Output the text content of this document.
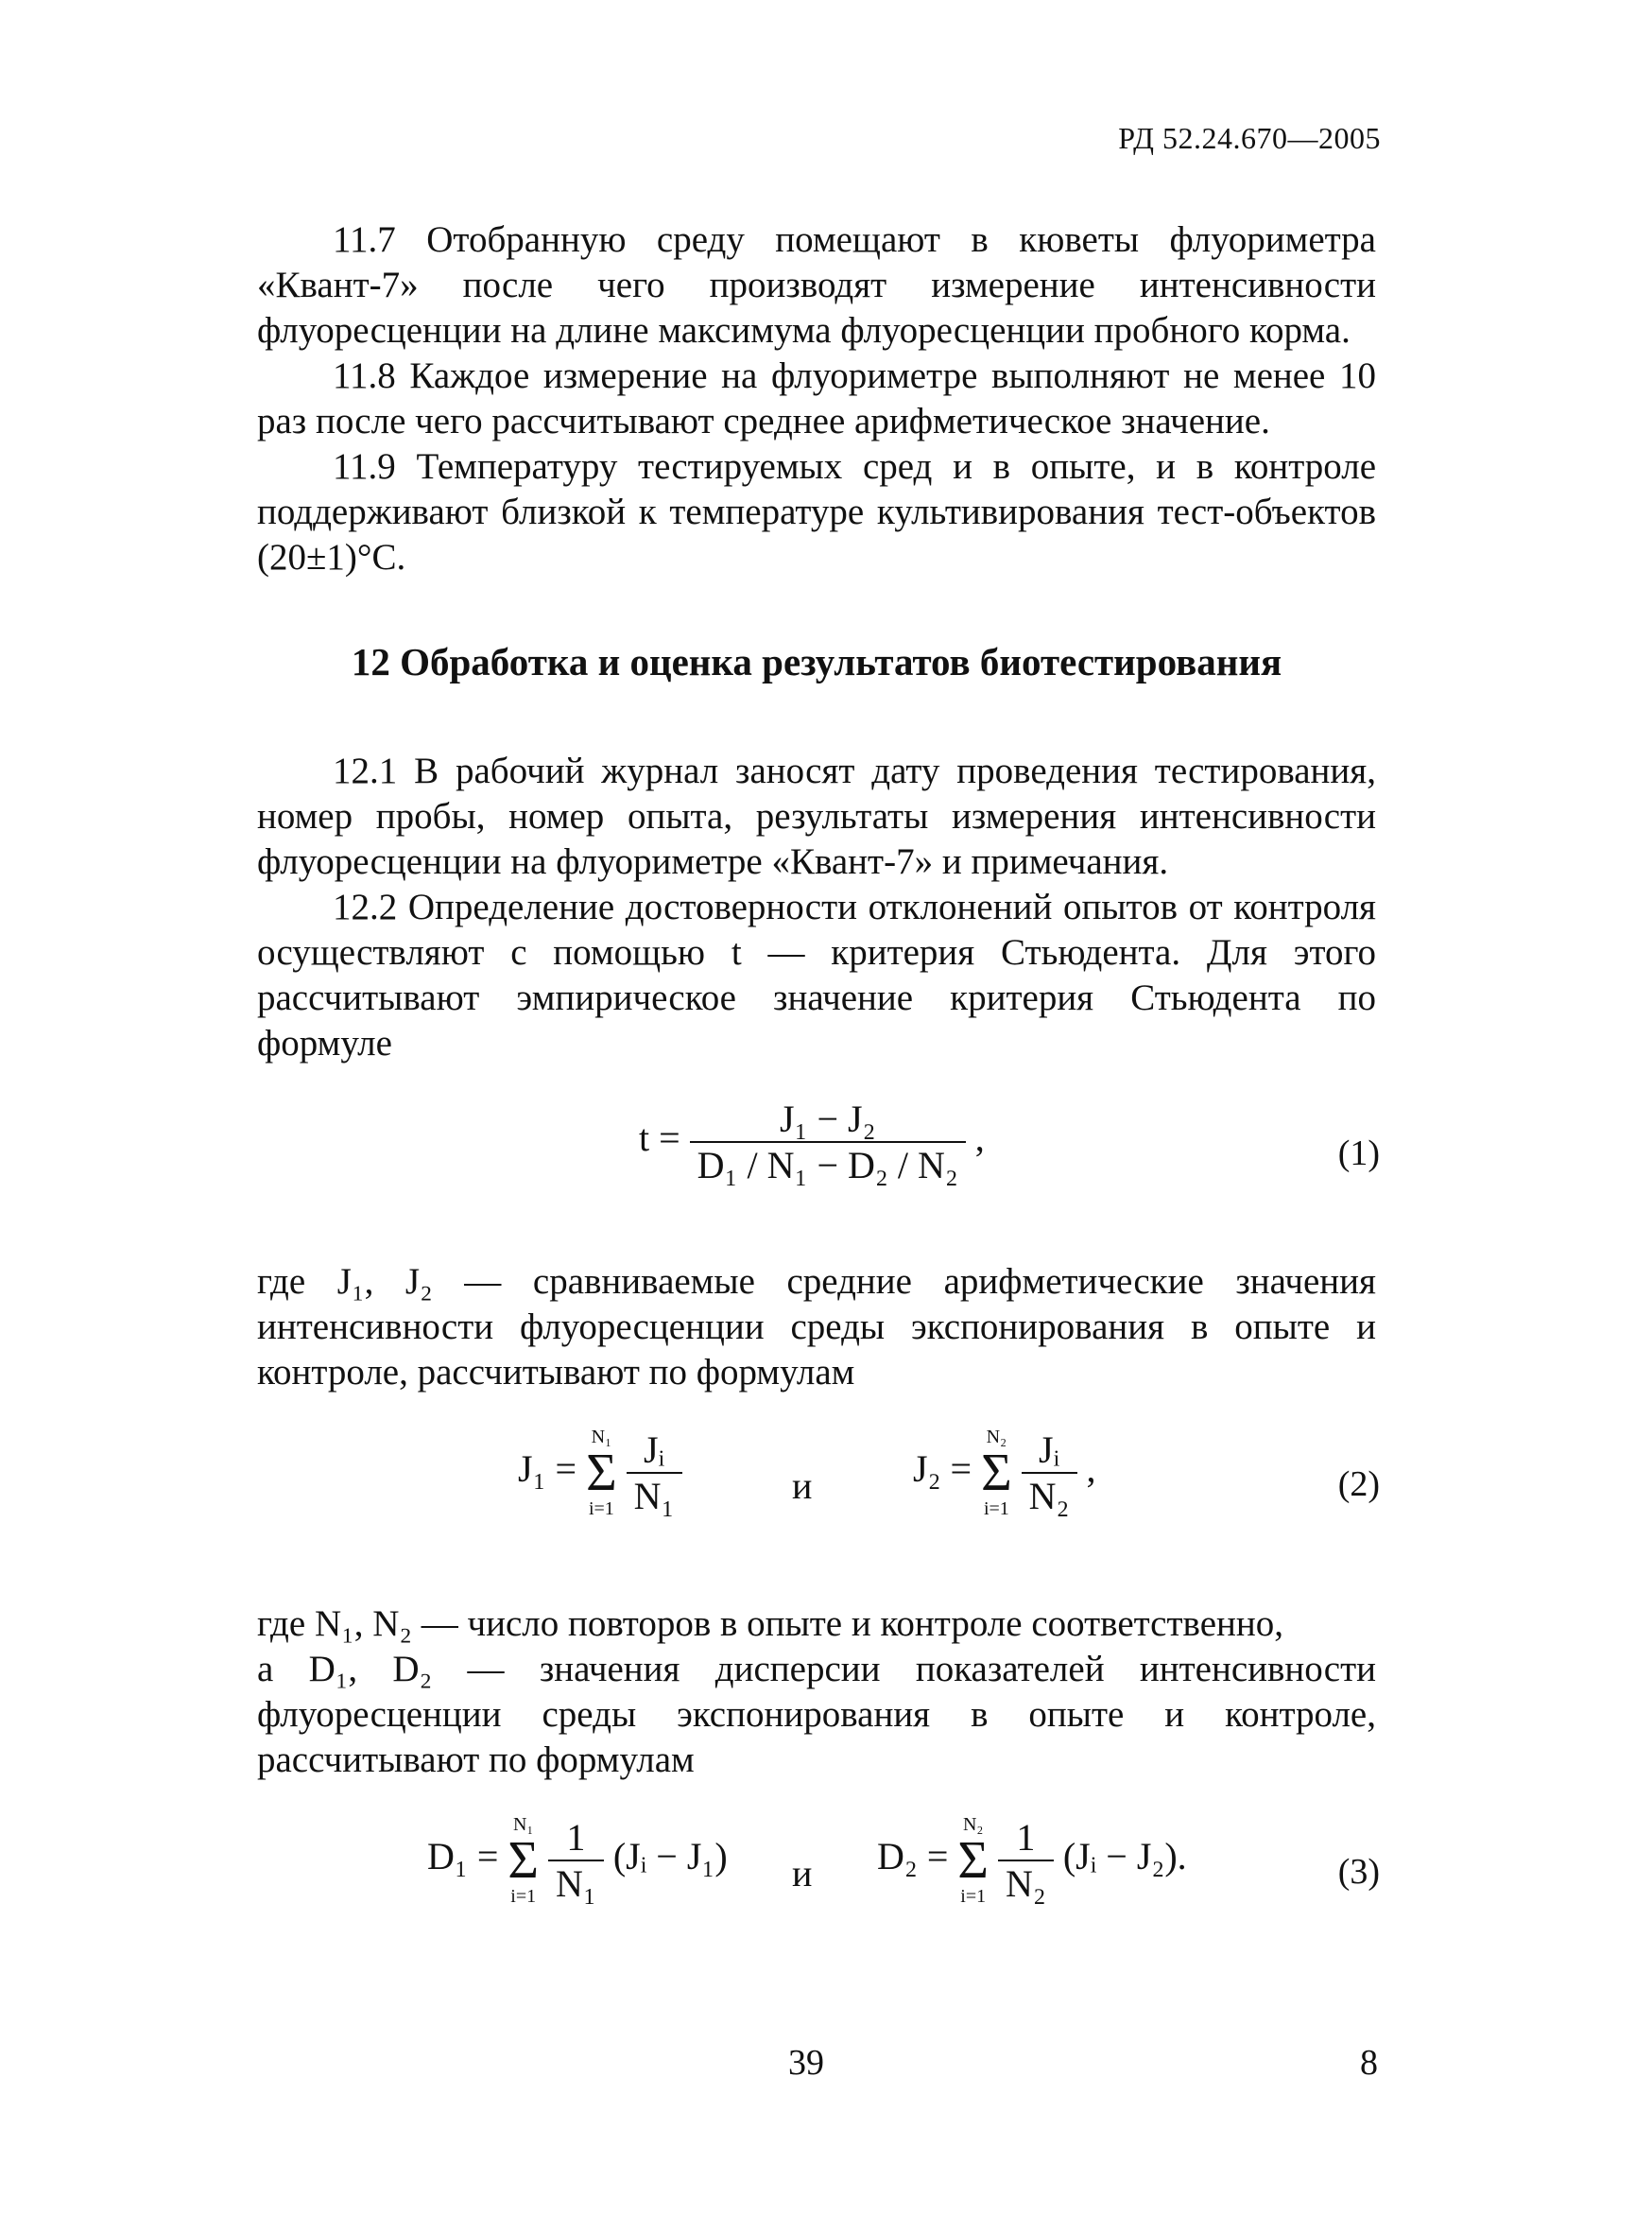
РД 52.24.670—2005

11.7 Отобранную среду помещают в кюветы флуориметра «Квант-7» после чего производят измерение интенсивности флуоресценции на длине максимума флуоресценции пробного корма.

11.8 Каждое измерение на флуориметре выполняют не менее 10 раз после чего рассчитывают среднее арифметическое значение.

11.9 Температуру тестируемых сред и в опыте, и в контроле поддерживают близкой к температуре культивирования тест-объектов (20±1)°С.

12 Обработка и оценка результатов биотестирования

12.1 В рабочий журнал заносят дату проведения тестирования, номер пробы, номер опыта, результаты измерения интенсивности флуоресценции на флуориметре «Квант-7» и примечания.

12.2 Определение достоверности отклонений опытов от контроля осуществляют с помощью t — критерия Стьюдента. Для этого рассчитывают эмпирическое значение критерия Стьюдента по формуле

$t = \frac{\text{J₁ − J₂}}{\text{D₁ / N₁ − D₂ / N₂}}$ ,	(1)

где J₁, J₂ — сравниваемые средние арифметические значения интенсивности флуоресценции среды экспонирования в опыте и контроле, рассчитывают по формулам

J₁ =
N₁
Σ
i=1
$\frac{\text{Jᵢ}}{\text{N₁}}$	и	J₂ =
N₂
Σ
i=1
$\frac{\text{Jᵢ}}{\text{N₂}}$ ,	(2)

где N₁, N₂ — число повторов в опыте и контроле соответственно,

а D₁, D₂ — значения дисперсии показателей интенсивности флуоресценции среды экспонирования в опыте и контроле, рассчитывают по формулам

D₁ =
N₁
Σ
i=1
$\frac{1}{\text{N₁}}$ (Jᵢ − J₁) и D₂ =
N₂
Σ
i=1
$\frac{1}{\text{N₂}}$ (Jᵢ − J₂).	(3)
39	8
